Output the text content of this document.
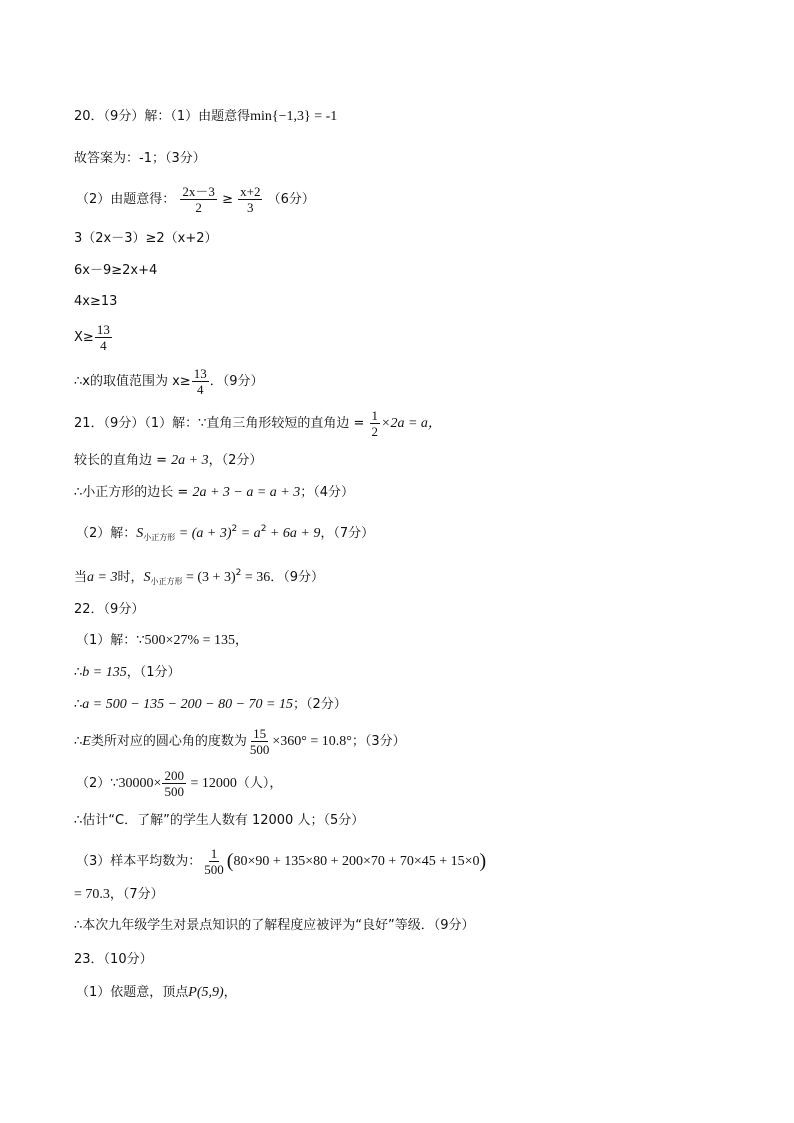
20．（9分）解：（1）由题意得min{−1,3} = -1
故答案为：-1；（3分）
（2）由题意得： $\frac{2x-3}{2} \ge \frac{x+2}{3} (6$分）
3（2x－3）≥2（x+2）
6x－9≥2x+4
4x≥13
$X\ge \frac{13}{4}$
∴x的取值范围为 $x\ge \frac{13}{4}$ ．（9分）
21．（9分）（1）解：∵直角三角形较短的直角边 = $\frac{1}{2} \times 2a = a$，
较长的直角边 = 2a + 3，（2分）
∴小正方形的边长 = 2a + 3 − a = a + 3；（4分）
（2）解：$S_{小正方形} = (a + 3)^2 = a^2 + 6a + 9$，（7分）
当a = 3时，$S_{小正方形} = (3 + 3)^2 = 36$．（9分）
22．（9分）
（1）解：∵500×27% = 135，
∴b = 135，（1分）
∴a = 500 − 135 − 200 − 80 − 70 = 15；（2分）
∴E类所对应的圆心角的度数为 $\frac{15}{500} \times 360^\circ = 10.8^\circ$；（3分）
（2）∵30000× $\frac{200}{500} = 12000$（人），
∴估计“C．了解”的学生人数有 12000 人；（5分）
（3）样本平均数为： $\frac{1}{500} (80\times 90 + 135\times 80 + 200\times 70 + 70\times 45 + 15\times 0)$
= 70.3，（7分）
∴本次九年级学生对景点知识的了解程度应被评为“良好”等级．（9分）
23．（10分）
（1）依题意，顶点P(5,9)，
